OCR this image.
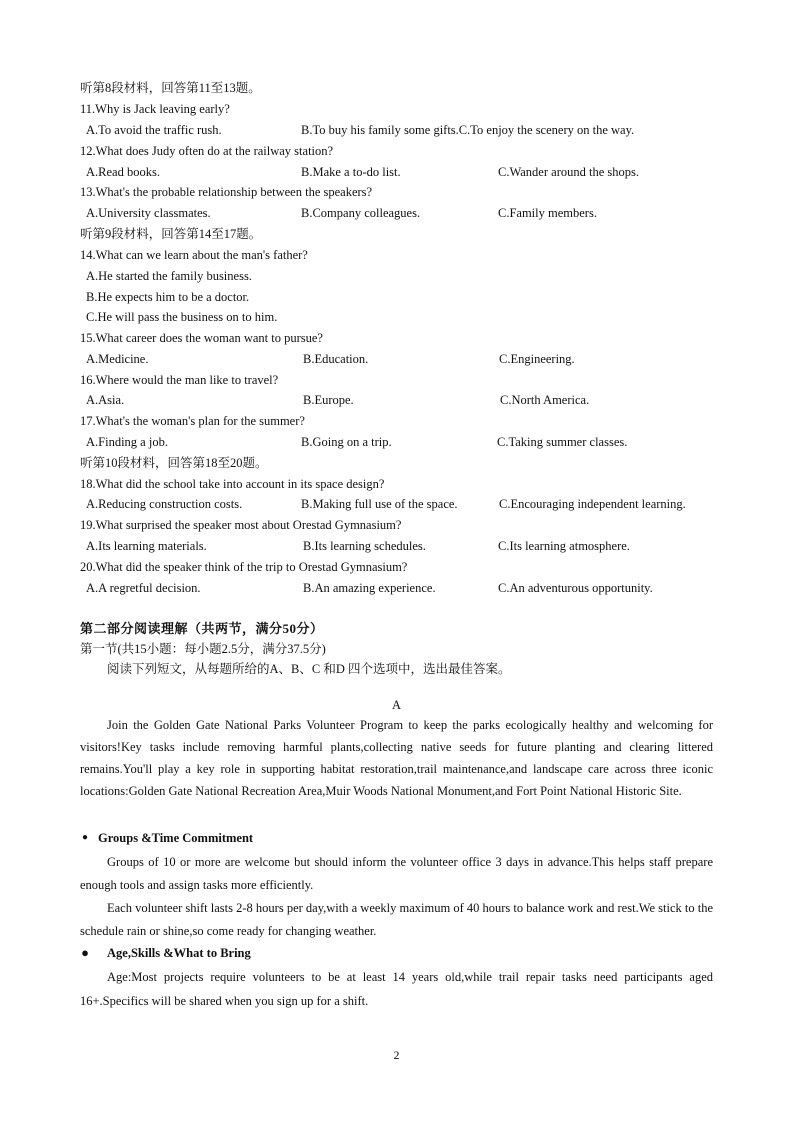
听第8段材料，回答第11至13题。
11.Why is Jack leaving early?
A.To avoid the traffic rush.	B.To buy his family some gifts.C.To enjoy the scenery on the way.
12.What does Judy often do at the railway station?
A.Read books.	B.Make a to-do list.	C.Wander around the shops.
13.What's the probable relationship between the speakers?
A.University classmates.	B.Company colleagues.	C.Family members.
听第9段材料，回答第14至17题。
14.What can we learn about the man's father?
A.He started the family business.
B.He expects him to be a doctor.
C.He will pass the business on to him.
15.What career does the woman want to pursue?
A.Medicine.	B.Education.	C.Engineering.
16.Where would the man like to travel?
A.Asia.	B.Europe.	C.North America.
17.What's the woman's plan for the summer?
A.Finding a job.	B.Going on a trip.	C.Taking summer classes.
听第10段材料，回答第18至20题。
18.What did the school take into account in its space design?
A.Reducing construction costs.	B.Making full use of the space.	C.Encouraging independent learning.
19.What surprised the speaker most about Orestad Gymnasium?
A.Its learning materials.	B.Its learning schedules.	C.Its learning atmosphere.
20.What did the speaker think of the trip to Orestad Gymnasium?
A.A regretful decision.	B.An amazing experience.	C.An adventurous opportunity.
第二部分阅读理解（共两节，满分50分）
第一节(共15小题：每小题2.5分，满分37.5分)
阅读下列短文，从每题所给的A、B、C 和D 四个选项中，选出最佳答案。
A
Join the Golden Gate National Parks Volunteer Program to keep the parks ecologically healthy and welcoming for visitors!Key tasks include removing harmful plants,collecting native seeds for future planting and clearing littered remains.You'll play a key role in supporting habitat restoration,trail maintenance,and landscape care across three iconic locations:Golden Gate National Recreation Area,Muir Woods National Monument,and Fort Point National Historic Site.
● Groups &Time Commitment
Groups of 10 or more are welcome but should inform the volunteer office 3 days in advance.This helps staff prepare enough tools and assign tasks more efficiently.
Each volunteer shift lasts 2-8 hours per day,with a weekly maximum of 40 hours to balance work and rest.We stick to the schedule rain or shine,so come ready for changing weather.
● Age,Skills &What to Bring
Age:Most projects require volunteers to be at least 14 years old,while trail repair tasks need participants aged 16+.Specifics will be shared when you sign up for a shift.
2
